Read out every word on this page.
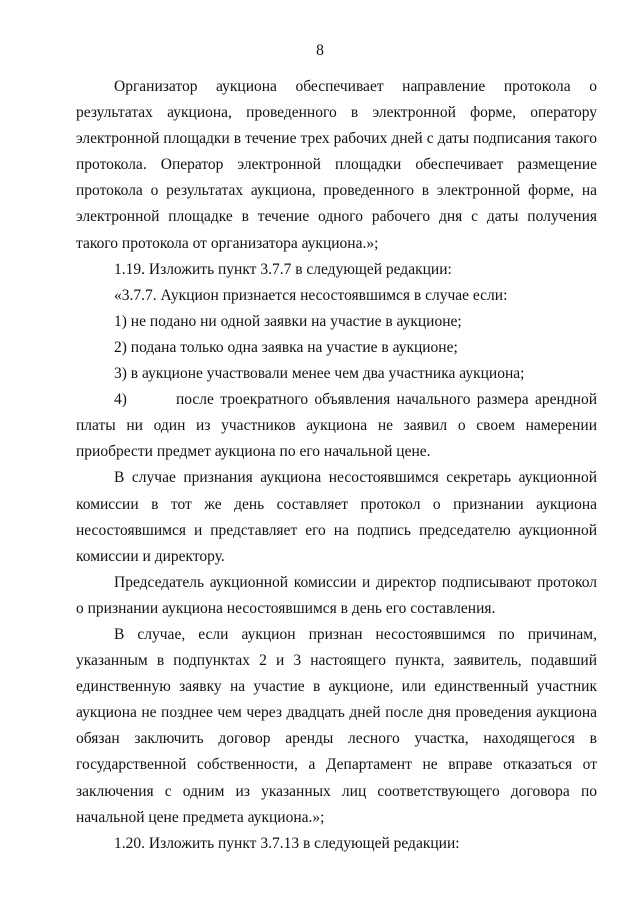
8

Организатор аукциона обеспечивает направление протокола о результатах аукциона, проведенного в электронной форме, оператору электронной площадки в течение трех рабочих дней с даты подписания такого протокола. Оператор электронной площадки обеспечивает размещение протокола о результатах аукциона, проведенного в электронной форме, на электронной площадке в течение одного рабочего дня с даты получения такого протокола от организатора аукциона.»;

1.19. Изложить пункт 3.7.7 в следующей редакции:

«3.7.7. Аукцион признается несостоявшимся в случае если:

1) не подано ни одной заявки на участие в аукционе;

2) подана только одна заявка на участие в аукционе;

3) в аукционе участвовали менее чем два участника аукциона;

4)	после троекратного объявления начального размера арендной платы ни один из участников аукциона не заявил о своем намерении приобрести предмет аукциона по его начальной цене.

В случае признания аукциона несостоявшимся секретарь аукционной комиссии в тот же день составляет протокол о признании аукциона несостоявшимся и представляет его на подпись председателю аукционной комиссии и директору.

Председатель аукционной комиссии и директор подписывают протокол о признании аукциона несостоявшимся в день его составления.

В случае, если аукцион признан несостоявшимся по причинам, указанным в подпунктах 2 и 3 настоящего пункта, заявитель, подавший единственную заявку на участие в аукционе, или единственный участник аукциона не позднее чем через двадцать дней после дня проведения аукциона обязан заключить договор аренды лесного участка, находящегося в государственной собственности, а Департамент не вправе отказаться от заключения с одним из указанных лиц соответствующего договора по начальной цене предмета аукциона.»;

1.20. Изложить пункт 3.7.13 в следующей редакции:
